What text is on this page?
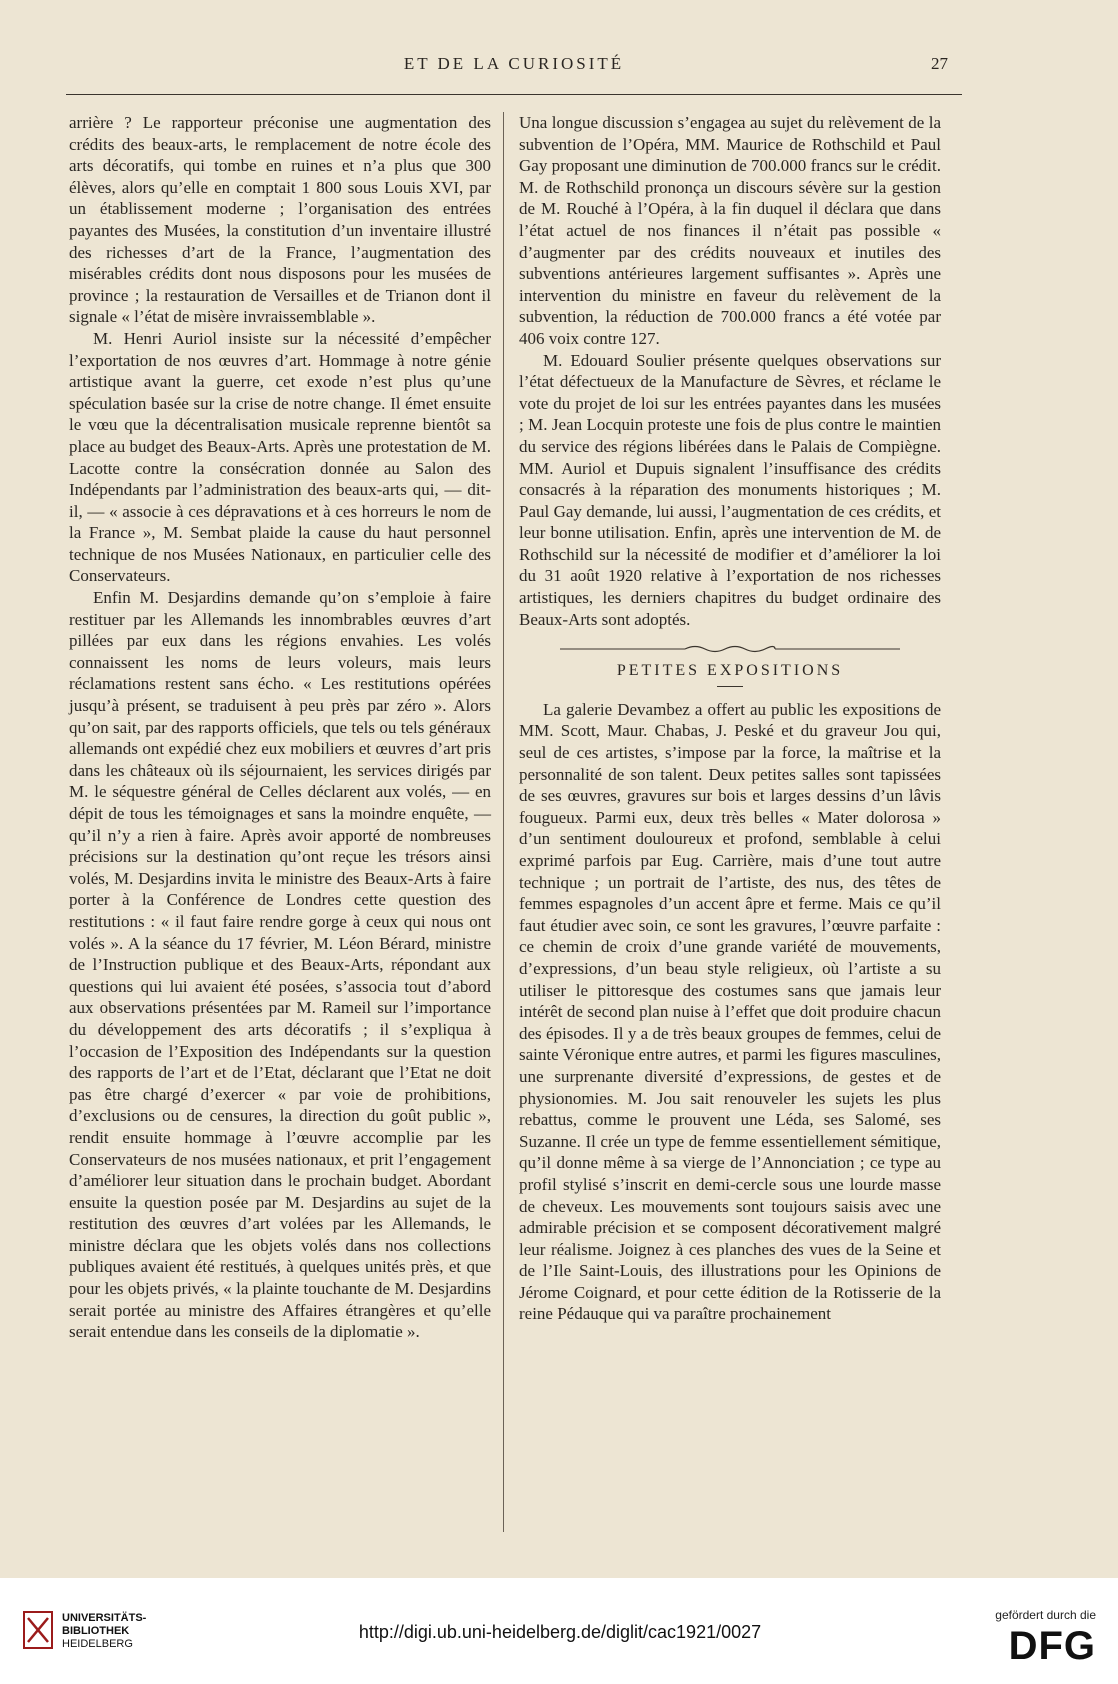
ET DE LA CURIOSITÉ	27

arrière ? Le rapporteur préconise une augmentation des crédits des beaux-arts, le remplacement de notre école des arts décoratifs, qui tombe en ruines et n’a plus que 300 élèves, alors qu’elle en comptait 1 800 sous Louis XVI, par un établissement moderne ; l’organisation des entrées payantes des Musées, la constitution d’un inventaire illustré des richesses d’art de la France, l’augmentation des misérables crédits dont nous disposons pour les musées de province ; la restauration de Versailles et de Trianon dont il signale « l’état de misère invraissemblable ».

M. Henri Auriol insiste sur la nécessité d’empêcher l’exportation de nos œuvres d’art. Hommage à notre génie artistique avant la guerre, cet exode n’est plus qu’une spéculation basée sur la crise de notre change. Il émet ensuite le vœu que la décentralisation musicale reprenne bientôt sa place au budget des Beaux-Arts. Après une protestation de M. Lacotte contre la consécration donnée au Salon des Indépendants par l’administration des beaux-arts qui, — dit-il, — « associe à ces dépravations et à ces horreurs le nom de la France », M. Sembat plaide la cause du haut personnel technique de nos Musées Nationaux, en particulier celle des Conservateurs.

Enfin M. Desjardins demande qu’on s’emploie à faire restituer par les Allemands les innombrables œuvres d’art pillées par eux dans les régions envahies. Les volés connaissent les noms de leurs voleurs, mais leurs réclamations restent sans écho. « Les restitutions opérées jusqu’à présent, se traduisent à peu près par zéro ». Alors qu’on sait, par des rapports officiels, que tels ou tels généraux allemands ont expédié chez eux mobiliers et œuvres d’art pris dans les châteaux où ils séjournaient, les services dirigés par M. le séquestre général de Celles déclarent aux volés, — en dépit de tous les témoignages et sans la moindre enquête, — qu’il n’y a rien à faire. Après avoir apporté de nombreuses précisions sur la destination qu’ont reçue les trésors ainsi volés, M. Desjardins invita le ministre des Beaux-Arts à faire porter à la Conférence de Londres cette question des restitutions : « il faut faire rendre gorge à ceux qui nous ont volés ». A la séance du 17 février, M. Léon Bérard, ministre de l’Instruction publique et des Beaux-Arts, répondant aux questions qui lui avaient été posées, s’associa tout d’abord aux observations présentées par M. Rameil sur l’importance du développement des arts décoratifs ; il s’expliqua à l’occasion de l’Exposition des Indépendants sur la question des rapports de l’art et de l’Etat, déclarant que l’Etat ne doit pas être chargé d’exercer « par voie de prohibitions, d’exclusions ou de censures, la direction du goût public », rendit ensuite hommage à l’œuvre accomplie par les Conservateurs de nos musées nationaux, et prit l’engagement d’améliorer leur situation dans le prochain budget. Abordant ensuite la question posée par M. Desjardins au sujet de la restitution des œuvres d’art volées par les Allemands, le ministre déclara que les objets volés dans nos collections publiques avaient été restitués, à quelques unités près, et que pour les objets privés, « la plainte touchante de M. Desjardins serait portée au ministre des Affaires étrangères et qu’elle serait entendue dans les conseils de la diplomatie ».

Una longue discussion s’engagea au sujet du relèvement de la subvention de l’Opéra, MM. Maurice de Rothschild et Paul Gay proposant une diminution de 700.000 francs sur le crédit. M. de Rothschild prononça un discours sévère sur la gestion de M. Rouché à l’Opéra, à la fin duquel il déclara que dans l’état actuel de nos finances il n’était pas possible « d’augmenter par des crédits nouveaux et inutiles des subventions antérieures largement suffisantes ». Après une intervention du ministre en faveur du relèvement de la subvention, la réduction de 700.000 francs a été votée par 406 voix contre 127.

M. Edouard Soulier présente quelques observations sur l’état défectueux de la Manufacture de Sèvres, et réclame le vote du projet de loi sur les entrées payantes dans les musées ; M. Jean Locquin proteste une fois de plus contre le maintien du service des régions libérées dans le Palais de Compiègne. MM. Auriol et Dupuis signalent l’insuffisance des crédits consacrés à la réparation des monuments historiques ; M. Paul Gay demande, lui aussi, l’augmentation de ces crédits, et leur bonne utilisation. Enfin, après une intervention de M. de Rothschild sur la nécessité de modifier et d’améliorer la loi du 31 août 1920 relative à l’exportation de nos richesses artistiques, les derniers chapitres du budget ordinaire des Beaux-Arts sont adoptés.

PETITES EXPOSITIONS

La galerie Devambez a offert au public les expositions de MM. Scott, Maur. Chabas, J. Peské et du graveur Jou qui, seul de ces artistes, s’impose par la force, la maîtrise et la personnalité de son talent. Deux petites salles sont tapissées de ses œuvres, gravures sur bois et larges dessins d’un lâvis fougueux. Parmi eux, deux très belles « Mater dolorosa » d’un sentiment douloureux et profond, semblable à celui exprimé parfois par Eug. Carrière, mais d’une tout autre technique ; un portrait de l’artiste, des nus, des têtes de femmes espagnoles d’un accent âpre et ferme. Mais ce qu’il faut étudier avec soin, ce sont les gravures, l’œuvre parfaite : ce chemin de croix d’une grande variété de mouvements, d’expressions, d’un beau style religieux, où l’artiste a su utiliser le pittoresque des costumes sans que jamais leur intérêt de second plan nuise à l’effet que doit produire chacun des épisodes. Il y a de très beaux groupes de femmes, celui de sainte Véronique entre autres, et parmi les figures masculines, une surprenante diversité d’expressions, de gestes et de physionomies. M. Jou sait renouveler les sujets les plus rebattus, comme le prouvent une Léda, ses Salomé, ses Suzanne. Il crée un type de femme essentiellement sémitique, qu’il donne même à sa vierge de l’Annonciation ; ce type au profil stylisé s’inscrit en demi-cercle sous une lourde masse de cheveux. Les mouvements sont toujours saisis avec une admirable précision et se composent décorativement malgré leur réalisme. Joignez à ces planches des vues de la Seine et de l’Ile Saint-Louis, des illustrations pour les Opinions de Jérome Coignard, et pour cette édition de la Rotisserie de la reine Pédauque qui va paraître prochainement

UNIVERSITÄTS-
BIBLIOTHEK
HEIDELBERG
http://digi.ub.uni-heidelberg.de/diglit/cac1921/0027
gefördert durch die
DFG
